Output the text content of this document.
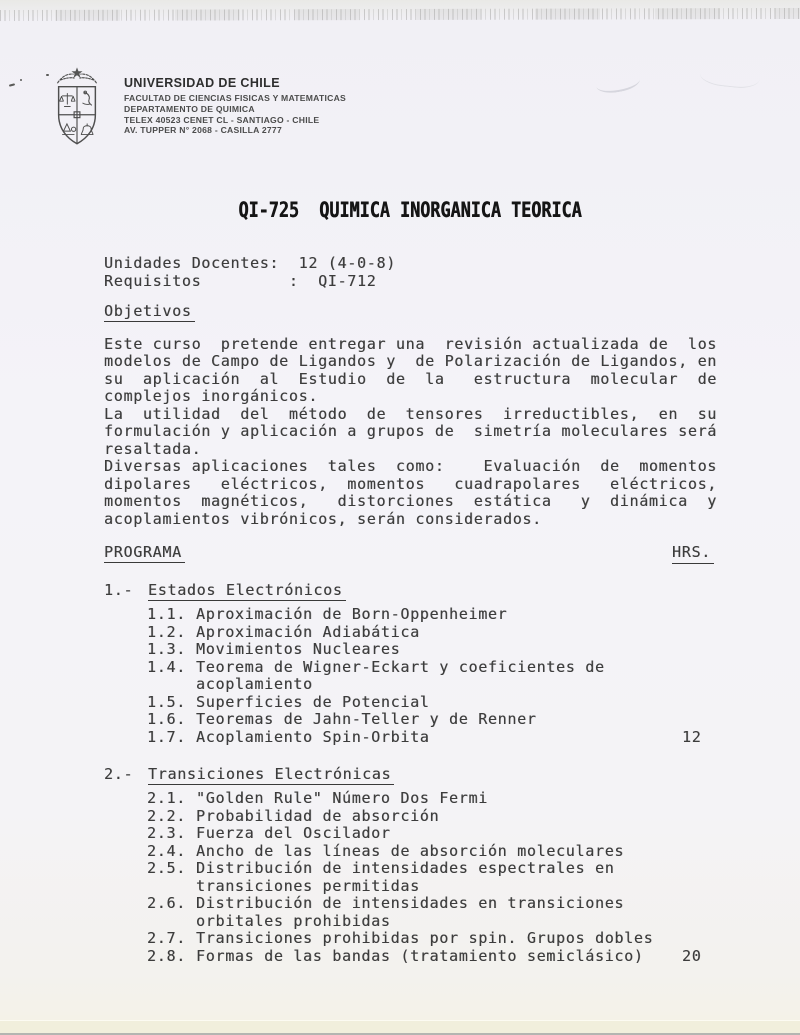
UNIVERSIDAD DE CHILE
FACULTAD DE CIENCIAS FISICAS Y MATEMATICAS
DEPARTAMENTO DE QUIMICA
TELEX 40523 CENET CL - SANTIAGO - CHILE
AV. TUPPER N° 2068 - CASILLA 2777
QI-725  QUIMICA INORGANICA TEORICA
Unidades Docentes:  12 (4-0-8)
Requisitos         :  QI-712
Objetivos
Este curso  pretende entregar una  revisión actualizada de  los
modelos de Campo de Ligandos y  de Polarización de Ligandos, en
su  aplicación  al  Estudio  de  la   estructura  molecular  de
complejos inorgánicos.
La  utilidad  del  método  de  tensores  irreductibles,  en  su
formulación y aplicación a grupos de  simetría moleculares será
resaltada.
Diversas aplicaciones  tales  como:    Evaluación  de  momentos
dipolares   eléctricos,  momentos   cuadrapolares   eléctricos,
momentos  magnéticos,   distorciones  estática   y  dinámica  y
acoplamientos vibrónicos, serán considerados.
PROGRAMA	HRS.
1.- Estados Electrónicos
1.1. Aproximación de Born-Oppenheimer
1.2. Aproximación Adiabática
1.3. Movimientos Nucleares
1.4. Teorema de Wigner-Eckart y coeficientes de
acoplamiento
1.5. Superficies de Potencial
1.6. Teoremas de Jahn-Teller y de Renner
1.7. Acoplamiento Spin-Orbita	12
2.- Transiciones Electrónicas
2.1. "Golden Rule" Número Dos Fermi
2.2. Probabilidad de absorción
2.3. Fuerza del Oscilador
2.4. Ancho de las líneas de absorción moleculares
2.5. Distribución de intensidades espectrales en
transiciones permitidas
2.6. Distribución de intensidades en transiciones
orbitales prohibidas
2.7. Transiciones prohibidas por spin. Grupos dobles
2.8. Formas de las bandas (tratamiento semiclásico)	20
